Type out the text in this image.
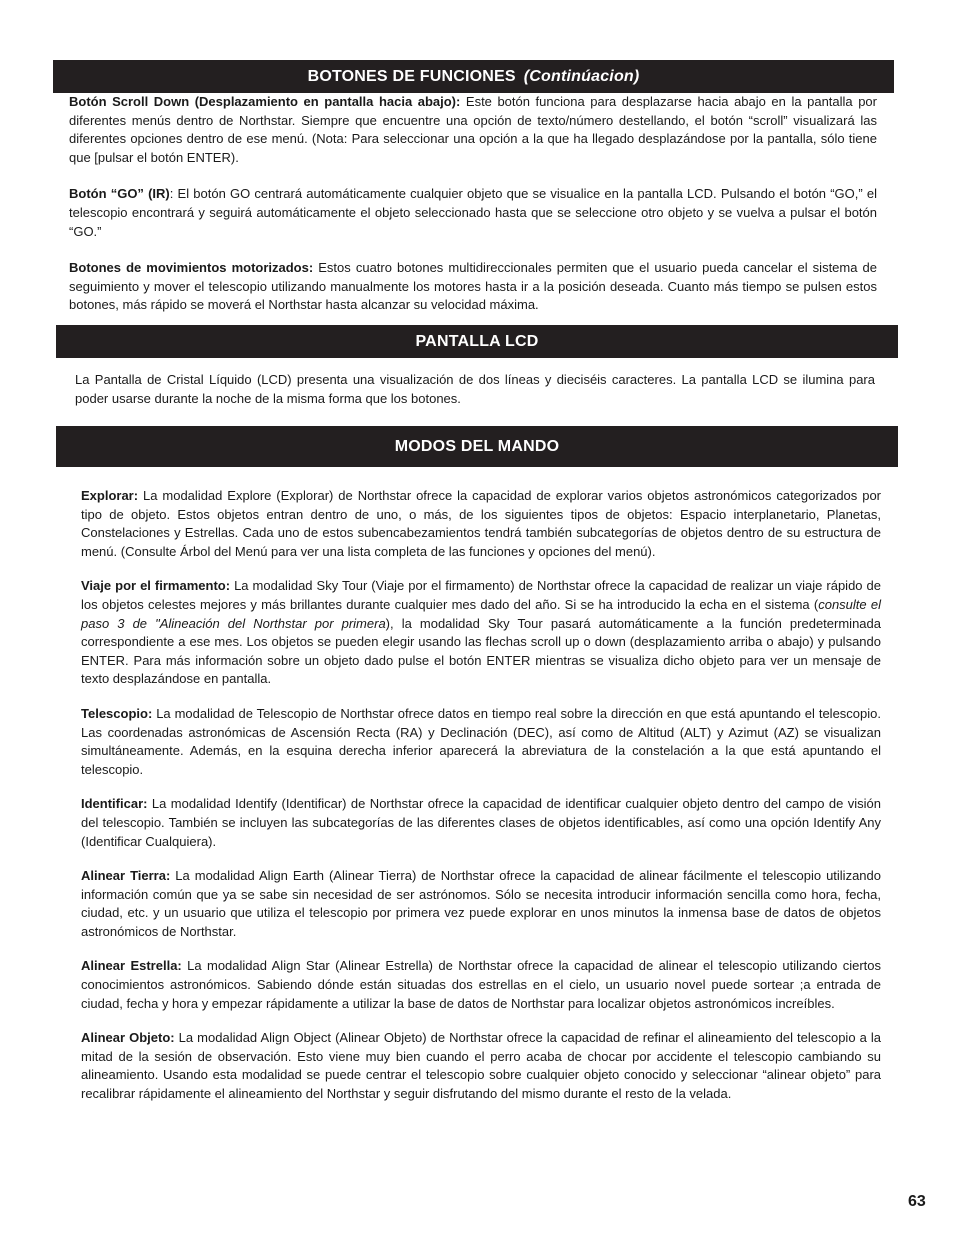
BOTONES DE FUNCIONES (Continúacion)

Botón Scroll Down (Desplazamiento en pantalla hacia abajo): Este botón funciona para desplazarse hacia abajo en la pantalla por diferentes menús dentro de Northstar. Siempre que encuentre una opción de texto/número destellando, el botón “scroll” visualizará las diferentes opciones dentro de ese menú. (Nota: Para seleccionar una opción a la que ha llegado desplazándose por la pantalla, sólo tiene que [pulsar el botón ENTER).

Botón “GO” (IR): El botón GO centrará automáticamente cualquier objeto que se visualice en la pantalla LCD. Pulsando el botón “GO,” el telescopio encontrará y seguirá automáticamente el objeto seleccionado hasta que se seleccione otro objeto y se vuelva a pulsar el botón “GO.”

Botones de movimientos motorizados: Estos cuatro botones multidireccionales permiten que el usuario pueda cancelar el sistema de seguimiento y mover el telescopio utilizando manualmente los motores hasta ir a la posición deseada. Cuanto más tiempo se pulsen estos botones, más rápido se moverá el Northstar hasta alcanzar su velocidad máxima.

PANTALLA LCD

La Pantalla de Cristal Líquido (LCD) presenta una visualización de dos líneas y dieciséis caracteres. La pantalla LCD se ilumina para poder usarse durante la noche de la misma forma que los botones.

MODOS DEL MANDO

Explorar: La modalidad Explore (Explorar) de Northstar ofrece la capacidad de explorar varios objetos astronómicos categorizados por tipo de objeto. Estos objetos entran dentro de uno, o más, de los siguientes tipos de objetos: Espacio interplanetario, Planetas, Constelaciones y Estrellas. Cada uno de estos subencabezamientos tendrá también subcategorías de objetos dentro de su estructura de menú. (Consulte Árbol del Menú para ver una lista completa de las funciones y opciones del menú).

Viaje por el firmamento: La modalidad Sky Tour (Viaje por el firmamento) de Northstar ofrece la capacidad de realizar un viaje rápido de los objetos celestes mejores y más brillantes durante cualquier mes dado del año. Si se ha introducido la echa en el sistema (consulte el paso 3 de "Alineación del Northstar por primera), la modalidad Sky Tour pasará automáticamente a la función predeterminada correspondiente a ese mes. Los objetos se pueden elegir usando las flechas scroll up o down (desplazamiento arriba o abajo) y pulsando ENTER. Para más información sobre un objeto dado pulse el botón ENTER mientras se visualiza dicho objeto para ver un mensaje de texto desplazándose en pantalla.

Telescopio: La modalidad de Telescopio de Northstar ofrece datos en tiempo real sobre la dirección en que está apuntando el telescopio. Las coordenadas astronómicas de Ascensión Recta (RA) y Declinación (DEC), así como de Altitud (ALT) y Azimut (AZ) se visualizan simultáneamente. Además, en la esquina derecha inferior aparecerá la abreviatura de la constelación a la que está apuntando el telescopio.

Identificar: La modalidad Identify (Identificar) de Northstar ofrece la capacidad de identificar cualquier objeto dentro del campo de visión del telescopio. También se incluyen las subcategorías de las diferentes clases de objetos identificables, así como una opción Identify Any (Identificar Cualquiera).

Alinear Tierra: La modalidad Align Earth (Alinear Tierra) de Northstar ofrece la capacidad de alinear fácilmente el telescopio utilizando información común que ya se sabe sin necesidad de ser astrónomos. Sólo se necesita introducir información sencilla como hora, fecha, ciudad, etc. y un usuario que utiliza el telescopio por primera vez puede explorar en unos minutos la inmensa base de datos de objetos astronómicos de Northstar.

Alinear Estrella: La modalidad Align Star (Alinear Estrella) de Northstar ofrece la capacidad de alinear el telescopio utilizando ciertos conocimientos astronómicos. Sabiendo dónde están situadas dos estrellas en el cielo, un usuario novel puede sortear ;a entrada de ciudad, fecha y hora y empezar rápidamente a utilizar la base de datos de Northstar para localizar objetos astronómicos increíbles.

Alinear Objeto: La modalidad Align Object (Alinear Objeto) de Northstar ofrece la capacidad de refinar el alineamiento del telescopio a la mitad de la sesión de observación. Esto viene muy bien cuando el perro acaba de chocar por accidente el telescopio cambiando su alineamiento. Usando esta modalidad se puede centrar el telescopio sobre cualquier objeto conocido y seleccionar “alinear objeto” para recalibrar rápidamente el alineamiento del Northstar y seguir disfrutando del mismo durante el resto de la velada.

63
